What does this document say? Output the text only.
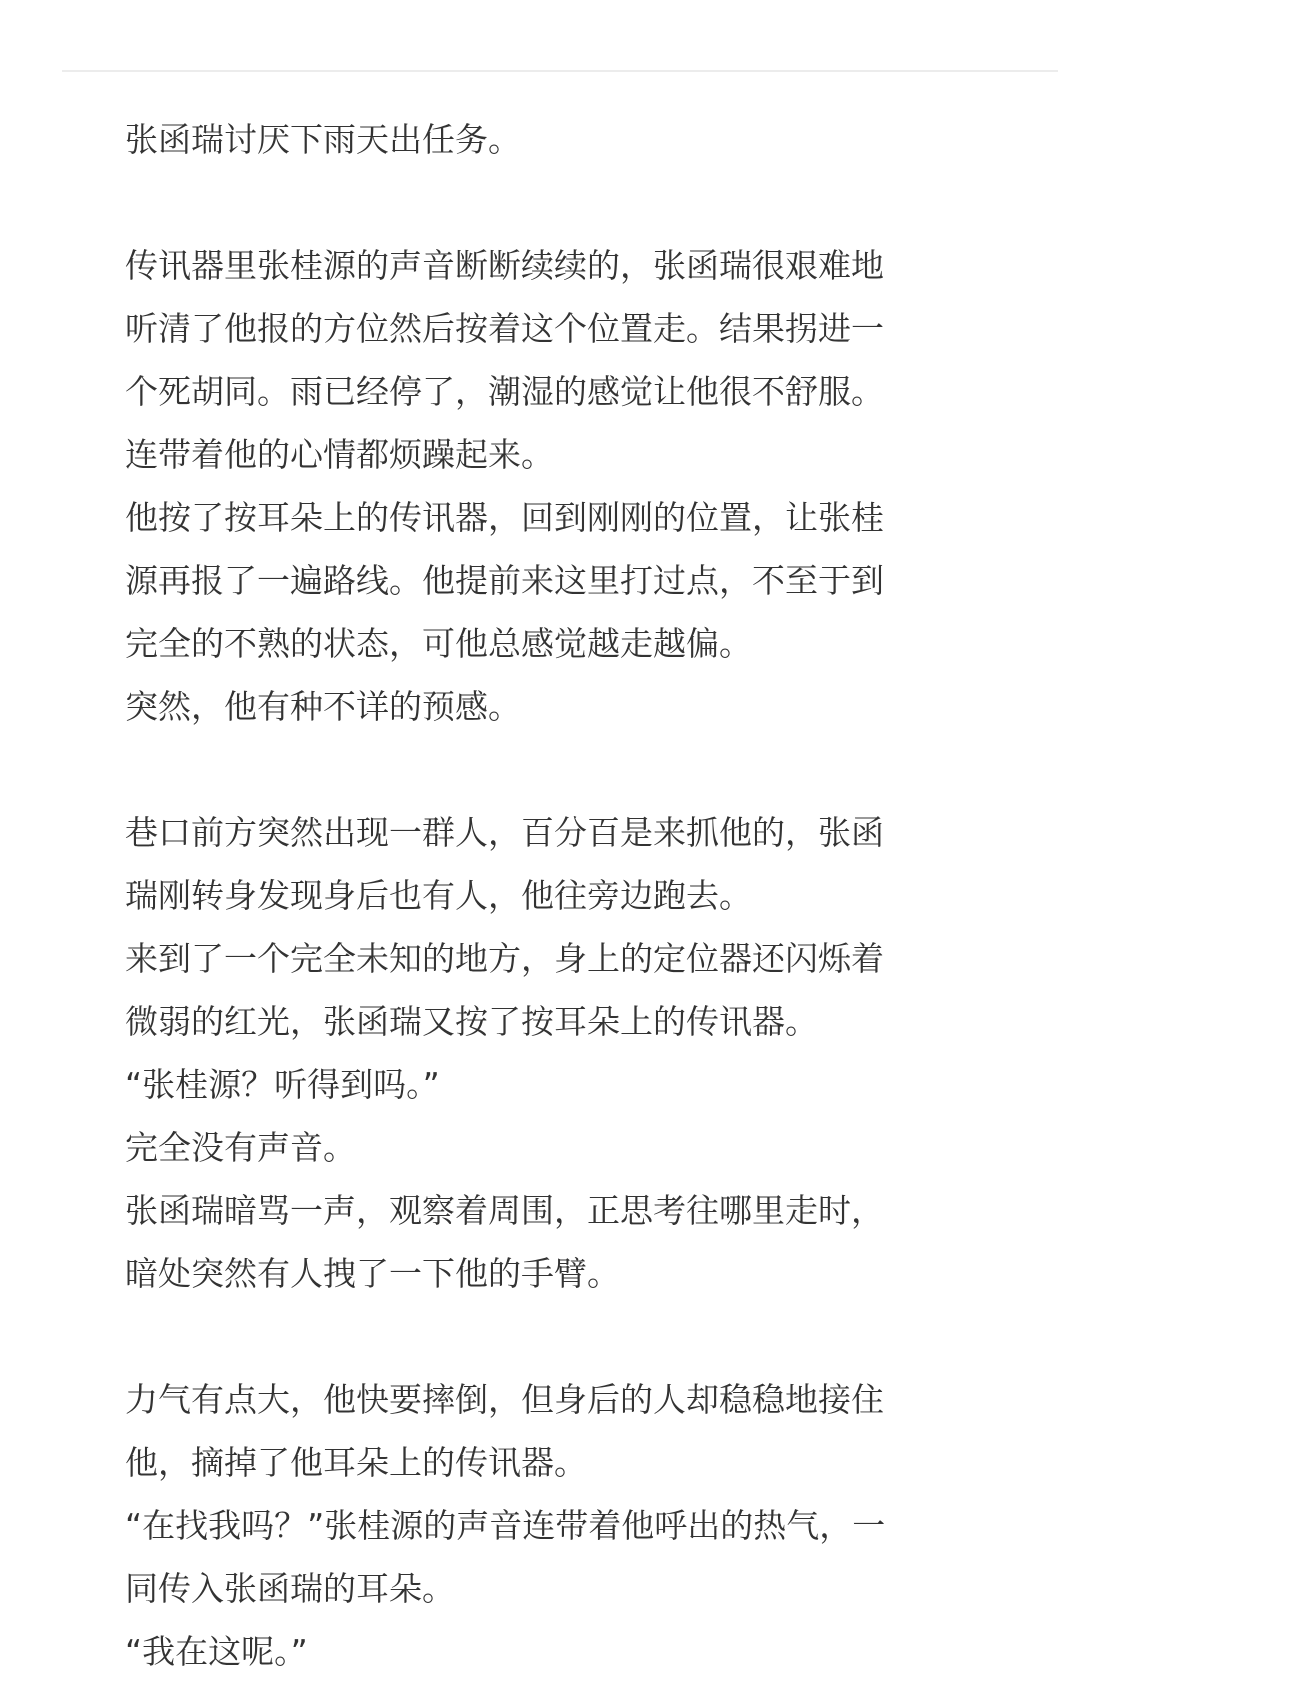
张函瑞讨厌下雨天出任务。
传讯器里张桂源的声音断断续续的，张函瑞很艰难地
听清了他报的方位然后按着这个位置走。结果拐进一
个死胡同。雨已经停了，潮湿的感觉让他很不舒服。
连带着他的心情都烦躁起来。
他按了按耳朵上的传讯器，回到刚刚的位置，让张桂
源再报了一遍路线。他提前来这里打过点，不至于到
完全的不熟的状态，可他总感觉越走越偏。
突然，他有种不详的预感。
巷口前方突然出现一群人，百分百是来抓他的，张函
瑞刚转身发现身后也有人，他往旁边跑去。
来到了一个完全未知的地方，身上的定位器还闪烁着
微弱的红光，张函瑞又按了按耳朵上的传讯器。
“张桂源？听得到吗。”
完全没有声音。
张函瑞暗骂一声，观察着周围，正思考往哪里走时，
暗处突然有人拽了一下他的手臂。
力气有点大，他快要摔倒，但身后的人却稳稳地接住
他，摘掉了他耳朵上的传讯器。
“在找我吗？”张桂源的声音连带着他呼出的热气，一
同传入张函瑞的耳朵。
“我在这呢。”
